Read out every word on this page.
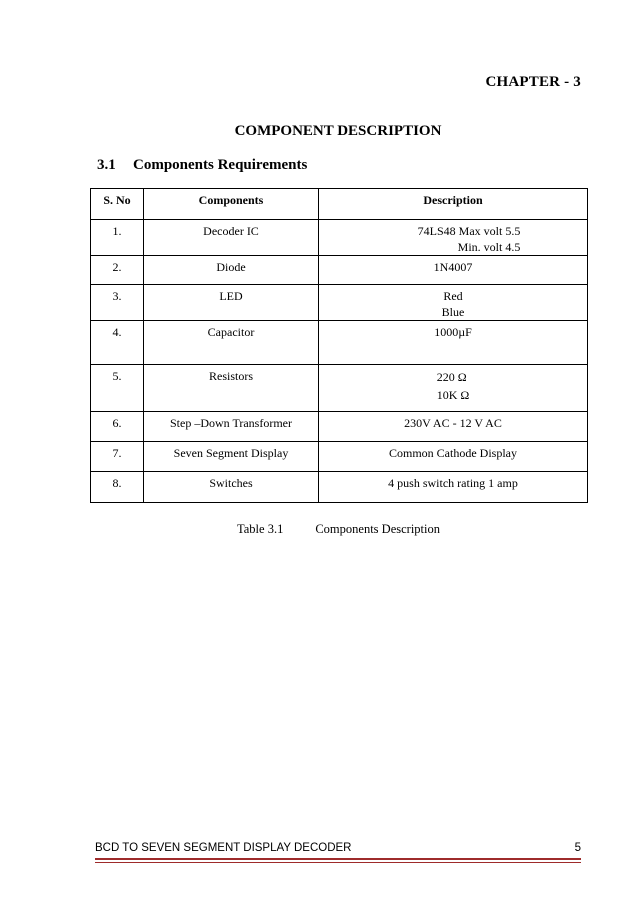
CHAPTER - 3
COMPONENT DESCRIPTION
3.1 Components Requirements
S. No	Components	Description
1.	Decoder IC	74LS48 Max volt 5.5
Min. volt 4.5
2.	Diode	1N4007
3.	LED	Red
Blue
4.	Capacitor	1000µF
5.	Resistors	220 Ω
10K Ω
6.	Step –Down Transformer	230V AC - 12 V AC
7.	Seven Segment Display	Common Cathode Display
8.	Switches	4 push switch rating 1 amp
Table 3.1	Components Description
BCD TO SEVEN SEGMENT DISPLAY DECODER	5
